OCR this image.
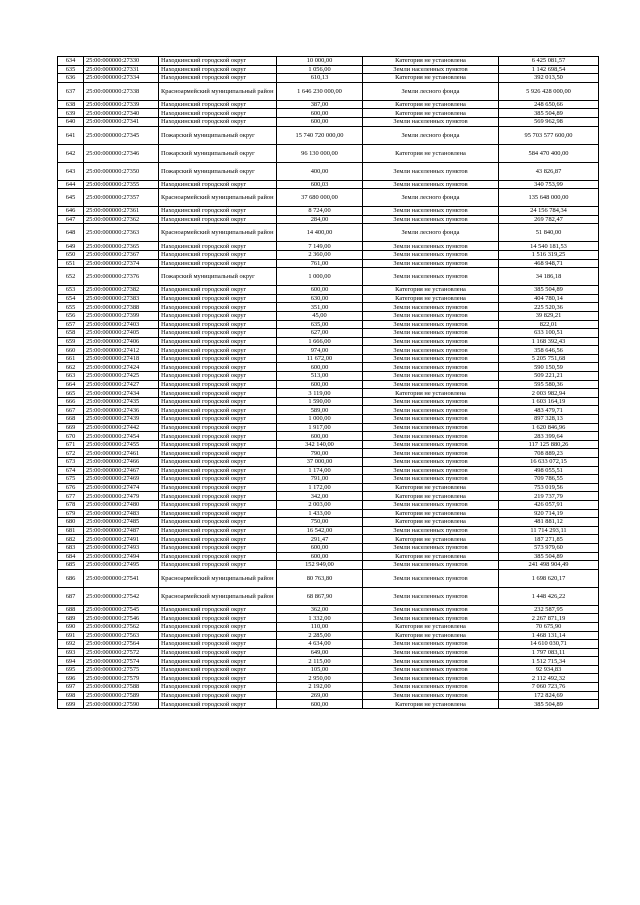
634	25:00:000000:27330	Находкинский городской округ	10 000,00	Категория не установлена	6 425 081,57
635	25:00:000000:27331	Находкинский городской округ	1 056,00	Земли населенных пунктов	1 142 698,54
636	25:00:000000:27334	Находкинский городской округ	610,13	Категория не установлена	392 013,50
637	25:00:000000:27338	Красноармейский муниципальный район	1 646 230 000,00	Земли лесного фонда	5 926 428 000,00
638	25:00:000000:27339	Находкинский городской округ	387,00	Категория не установлена	248 650,66
639	25:00:000000:27340	Находкинский городской округ	600,00	Категория не установлена	385 504,89
640	25:00:000000:27341	Находкинский городской округ	600,00	Земли населенных пунктов	569 962,98
641	25:00:000000:27345	Пожарский муниципальный округ	15 740 720 000,00	Земли лесного фонда	95 703 577 600,00
642	25:00:000000:27346	Пожарский муниципальный округ	96 130 000,00	Категория не установлена	584 470 400,00
643	25:00:000000:27350	Пожарский муниципальный округ	400,00	Земли населенных пунктов	43 826,87
644	25:00:000000:27355	Находкинский городской округ	600,03	Земли населенных пунктов	340 753,99
645	25:00:000000:27357	Красноармейский муниципальный район	37 680 000,00	Земли лесного фонда	135 648 000,00
646	25:00:000000:27361	Находкинский городской округ	8 724,00	Земли населенных пунктов	24 156 784,34
647	25:00:000000:27362	Находкинский городской округ	284,00	Земли населенных пунктов	269 782,47
648	25:00:000000:27363	Красноармейский муниципальный район	14 400,00	Земли лесного фонда	51 840,00
649	25:00:000000:27365	Находкинский городской округ	7 149,00	Земли населенных пунктов	14 540 181,53
650	25:00:000000:27367	Находкинский городской округ	2 360,00	Земли населенных пунктов	1 516 319,25
651	25:00:000000:27374	Находкинский городской округ	761,00	Земли населенных пунктов	468 948,71
652	25:00:000000:27376	Пожарский муниципальный округ	1 000,00	Земли населенных пунктов	34 186,18
653	25:00:000000:27382	Находкинский городской округ	600,00	Категория не установлена	385 504,89
654	25:00:000000:27383	Находкинский городской округ	630,00	Категория не установлена	404 780,14
655	25:00:000000:27388	Находкинский городской округ	351,00	Земли населенных пунктов	225 520,36
656	25:00:000000:27399	Находкинский городской округ	45,00	Земли населенных пунктов	39 829,21
657	25:00:000000:27403	Находкинский городской округ	635,00	Земли населенных пунктов	822,01
658	25:00:000000:27405	Находкинский городской округ	627,00	Земли населенных пунктов	633 100,51
659	25:00:000000:27406	Находкинский городской округ	1 666,00	Земли населенных пунктов	1 168 392,43
660	25:00:000000:27412	Находкинский городской округ	974,00	Земли населенных пунктов	358 646,56
661	25:00:000000:27418	Находкинский городской округ	11 672,00	Земли населенных пунктов	5 205 751,68
662	25:00:000000:27424	Находкинский городской округ	600,00	Земли населенных пунктов	590 150,59
663	25:00:000000:27425	Находкинский городской округ	513,00	Земли населенных пунктов	509 221,21
664	25:00:000000:27427	Находкинский городской округ	600,00	Земли населенных пунктов	595 580,36
665	25:00:000000:27434	Находкинский городской округ	3 119,00	Категория не установлена	2 003 982,94
666	25:00:000000:27435	Находкинский городской округ	1 590,00	Земли населенных пунктов	1 603 164,19
667	25:00:000000:27436	Находкинский городской округ	589,00	Земли населенных пунктов	483 479,71
668	25:00:000000:27439	Находкинский городской округ	1 000,00	Земли населенных пунктов	897 328,13
669	25:00:000000:27442	Находкинский городской округ	1 917,00	Земли населенных пунктов	1 620 846,96
670	25:00:000000:27454	Находкинский городской округ	600,00	Земли населенных пунктов	283 399,64
671	25:00:000000:27455	Находкинский городской округ	342 140,00	Земли населенных пунктов	117 125 880,26
672	25:00:000000:27461	Находкинский городской округ	790,00	Земли населенных пунктов	708 889,23
673	25:00:000000:27466	Находкинский городской округ	37 000,00	Земли населенных пунктов	16 633 072,15
674	25:00:000000:27467	Находкинский городской округ	1 174,00	Земли населенных пунктов	498 055,51
675	25:00:000000:27469	Находкинский городской округ	791,00	Земли населенных пунктов	709 786,55
676	25:00:000000:27474	Находкинский городской округ	1 172,00	Категория не установлена	753 019,56
677	25:00:000000:27479	Находкинский городской округ	342,00	Категория не установлена	219 737,79
678	25:00:000000:27480	Находкинский городской округ	2 003,00	Земли населенных пунктов	426 057,91
679	25:00:000000:27483	Находкинский городской округ	1 433,00	Категория не установлена	920 714,19
680	25:00:000000:27485	Находкинский городской округ	750,00	Категория не установлена	481 881,12
681	25:00:000000:27487	Находкинский городской округ	16 542,00	Земли населенных пунктов	11 714 293,11
682	25:00:000000:27491	Находкинский городской округ	291,47	Категория не установлена	187 271,85
683	25:00:000000:27493	Находкинский городской округ	600,00	Земли населенных пунктов	573 979,60
684	25:00:000000:27494	Находкинский городской округ	600,00	Категория не установлена	385 504,89
685	25:00:000000:27495	Находкинский городской округ	152 949,00	Земли населенных пунктов	241 498 904,49
686	25:00:000000:27541	Красноармейский муниципальный район	80 763,80	Земли населенных пунктов	1 698 620,17
687	25:00:000000:27542	Красноармейский муниципальный район	68 867,90	Земли населенных пунктов	1 448 426,22
688	25:00:000000:27545	Находкинский городской округ	362,00	Земли населенных пунктов	232 587,95
689	25:00:000000:27546	Находкинский городской округ	1 332,00	Земли населенных пунктов	2 267 871,19
690	25:00:000000:27562	Находкинский городской округ	110,00	Категория не установлена	70 675,90
691	25:00:000000:27563	Находкинский городской округ	2 285,00	Категория не установлена	1 468 131,14
692	25:00:000000:27564	Находкинский городской округ	4 634,00	Земли населенных пунктов	14 610 030,71
693	25:00:000000:27572	Находкинский городской округ	649,00	Земли населенных пунктов	1 797 083,11
694	25:00:000000:27574	Находкинский городской округ	2 115,00	Земли населенных пунктов	1 512 715,34
695	25:00:000000:27575	Находкинский городской округ	105,00	Земли населенных пунктов	92 934,83
696	25:00:000000:27579	Находкинский городской округ	2 950,00	Земли населенных пунктов	2 112 492,32
697	25:00:000000:27588	Находкинский городской округ	2 192,00	Земли населенных пунктов	7 060 723,76
698	25:00:000000:27589	Находкинский городской округ	269,00	Земли населенных пунктов	172 824,69
699	25:00:000000:27590	Находкинский городской округ	600,00	Категория не установлена	385 504,89
